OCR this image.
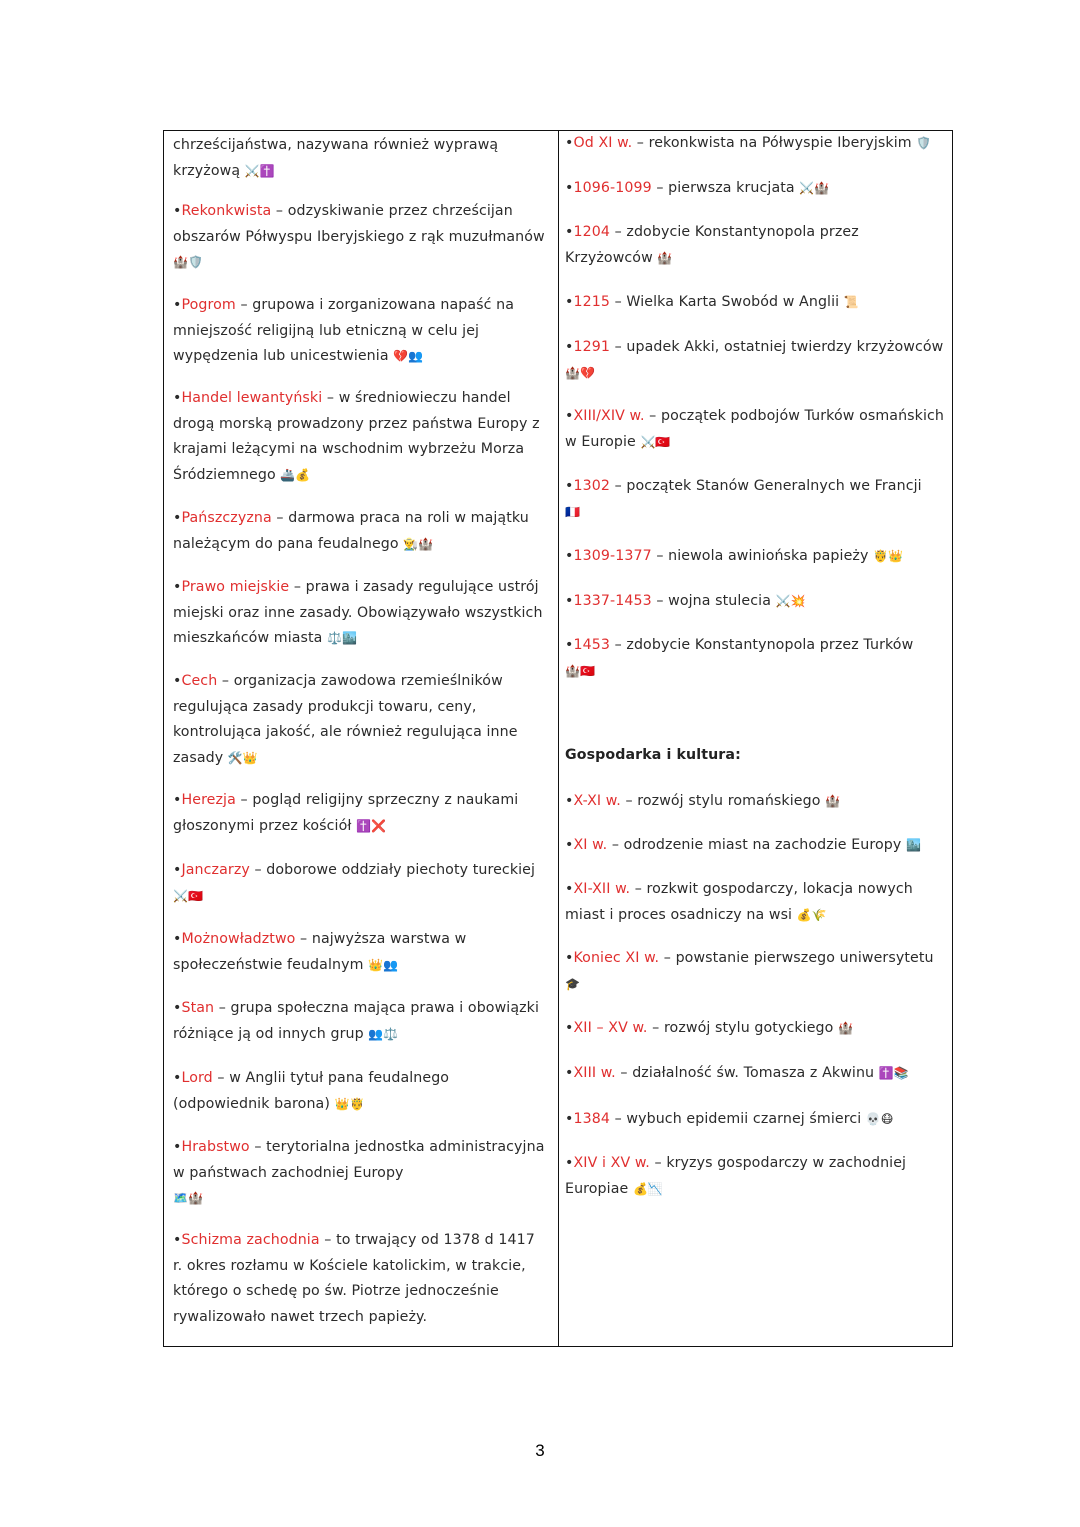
chrześcijaństwa, nazywana również wyprawą krzyżową ⚔️✝️
•Rekonkwista – odzyskiwanie przez chrześcijan obszarów Półwyspu Iberyjskiego z rąk muzułmanów 🏰🛡️
•Pogrom – grupowa i zorganizowana napaść na mniejszość religijną lub etniczną w celu jej wypędzenia lub unicestwienia 💔👥
•Handel lewantyński – w średniowieczu handel drogą morską prowadzony przez państwa Europy z krajami leżącymi na wschodnim wybrzeżu Morza Śródziemnego 🚢💰
•Pańszczyzna – darmowa praca na roli w majątku należącym do pana feudalnego 👨‍🌾🏰
•Prawo miejskie – prawa i zasady regulujące ustrój miejski oraz inne zasady. Obowiązywało wszystkich mieszkańców miasta ⚖️🏙️
•Cech – organizacja zawodowa rzemieślników regulująca zasady produkcji towaru, ceny, kontrolująca jakość, ale również regulująca inne zasady 🛠️👑
•Herezja – pogląd religijny sprzeczny z naukami głoszonymi przez kościół ✝️❌
•Janczarzy – doborowe oddziały piechoty tureckiej
⚔️🇹🇷
•Możnowładztwo – najwyższa warstwa w społeczeństwie feudalnym 👑👥
•Stan – grupa społeczna mająca prawa i obowiązki różniące ją od innych grup 👥⚖️
•Lord – w Anglii tytuł pana feudalnego (odpowiednik barona) 👑🤴
•Hrabstwo – terytorialna jednostka administracyjna w państwach zachodniej Europy
🗺️🏰
•Schizma zachodnia – to trwający od 1378 d 1417 r. okres rozłamu w Kościele katolickim, w trakcie, którego o schedę po św. Piotrze jednocześnie rywalizowało nawet trzech papieży.
•Od XI w. – rekonkwista na Półwyspie Iberyjskim 🛡️
•1096-1099 – pierwsza krucjata ⚔️🏰
•1204 – zdobycie Konstantynopola przez Krzyżowców 🏰
•1215 – Wielka Karta Swobód w Anglii 📜
•1291 – upadek Akki, ostatniej twierdzy krzyżowców 🏰💔
•XIII/XIV w. – początek podbojów Turków osmańskich w Europie ⚔️🇹🇷
•1302 – początek Stanów Generalnych we Francji
🇫🇷
•1309-1377 – niewola awiniońska papieży 🤴👑
•1337-1453 – wojna stulecia ⚔️💥
•1453 – zdobycie Konstantynopola przez Turków
🏰🇹🇷
Gospodarka i kultura:
•X-XI w. – rozwój stylu romańskiego 🏰
•XI w. – odrodzenie miast na zachodzie Europy 🏙️
•XI-XII w. – rozkwit gospodarczy, lokacja nowych miast i proces osadniczy na wsi 💰🌾
•Koniec XI w. – powstanie pierwszego uniwersytetu
🎓
•XII – XV w. – rozwój stylu gotyckiego 🏰
•XIII w. – działalność św. Tomasza z Akwinu ✝️📚
•1384 – wybuch epidemii czarnej śmierci 💀😷
•XIV i XV w. – kryzys gospodarczy w zachodniej Europiae 💰📉
3
